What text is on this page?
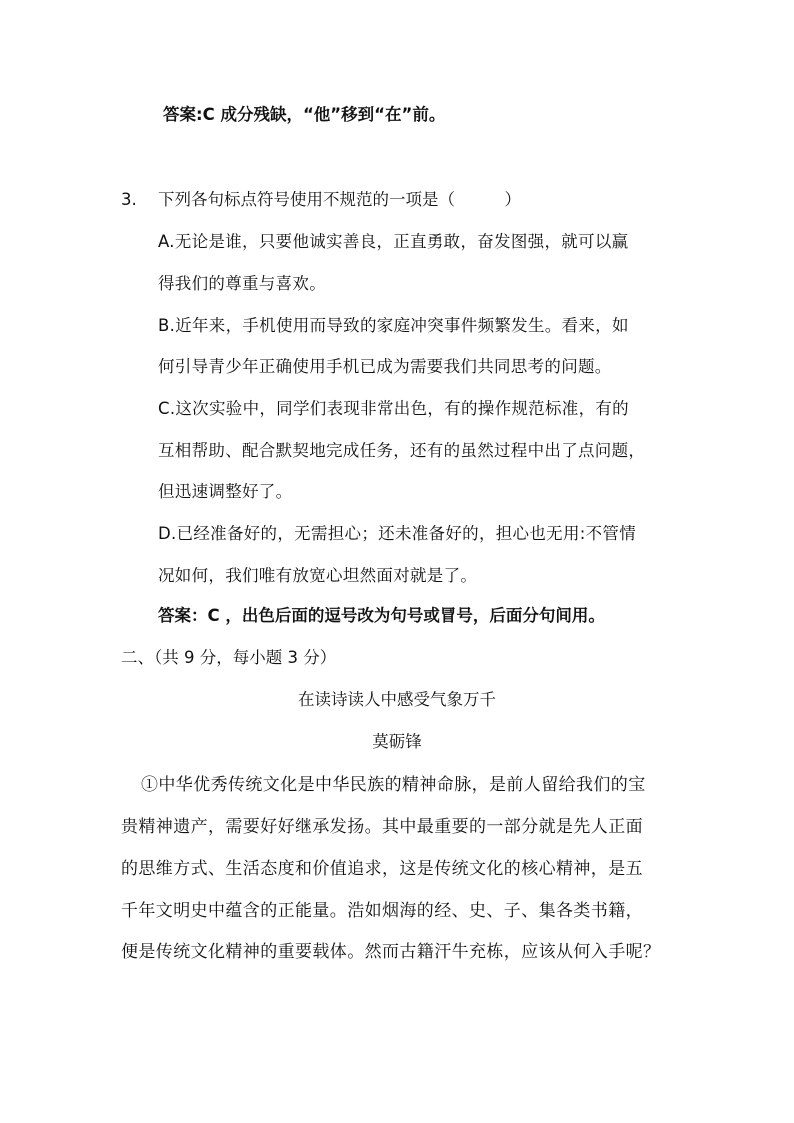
答案:C 成分残缺，“他”移到“在”前。
3. 下列各句标点符号使用不规范的一项是（　　　）
A.无论是谁，只要他诚实善良，正直勇敢，奋发图强，就可以赢
得我们的尊重与喜欢。
B.近年来，手机使用而导致的家庭冲突事件频繁发生。看来，如
何引导青少年正确使用手机已成为需要我们共同思考的问题。
C.这次实验中，同学们表现非常出色，有的操作规范标准，有的
互相帮助、配合默契地完成任务，还有的虽然过程中出了点问题，
但迅速调整好了。
D.已经准备好的，无需担心；还未准备好的，担心也无用:不管情
况如何，我们唯有放宽心坦然面对就是了。
答案：C ，出色后面的逗号改为句号或冒号，后面分句间用。
二、（共 9 分，每小题 3 分）
在读诗读人中感受气象万千
莫砺锋
①中华优秀传统文化是中华民族的精神命脉，是前人留给我们的宝
贵精神遗产，需要好好继承发扬。其中最重要的一部分就是先人正面
的思维方式、生活态度和价值追求，这是传统文化的核心精神，是五
千年文明史中蕴含的正能量。浩如烟海的经、史、子、集各类书籍，
便是传统文化精神的重要载体。然而古籍汗牛充栋，应该从何入手呢？
